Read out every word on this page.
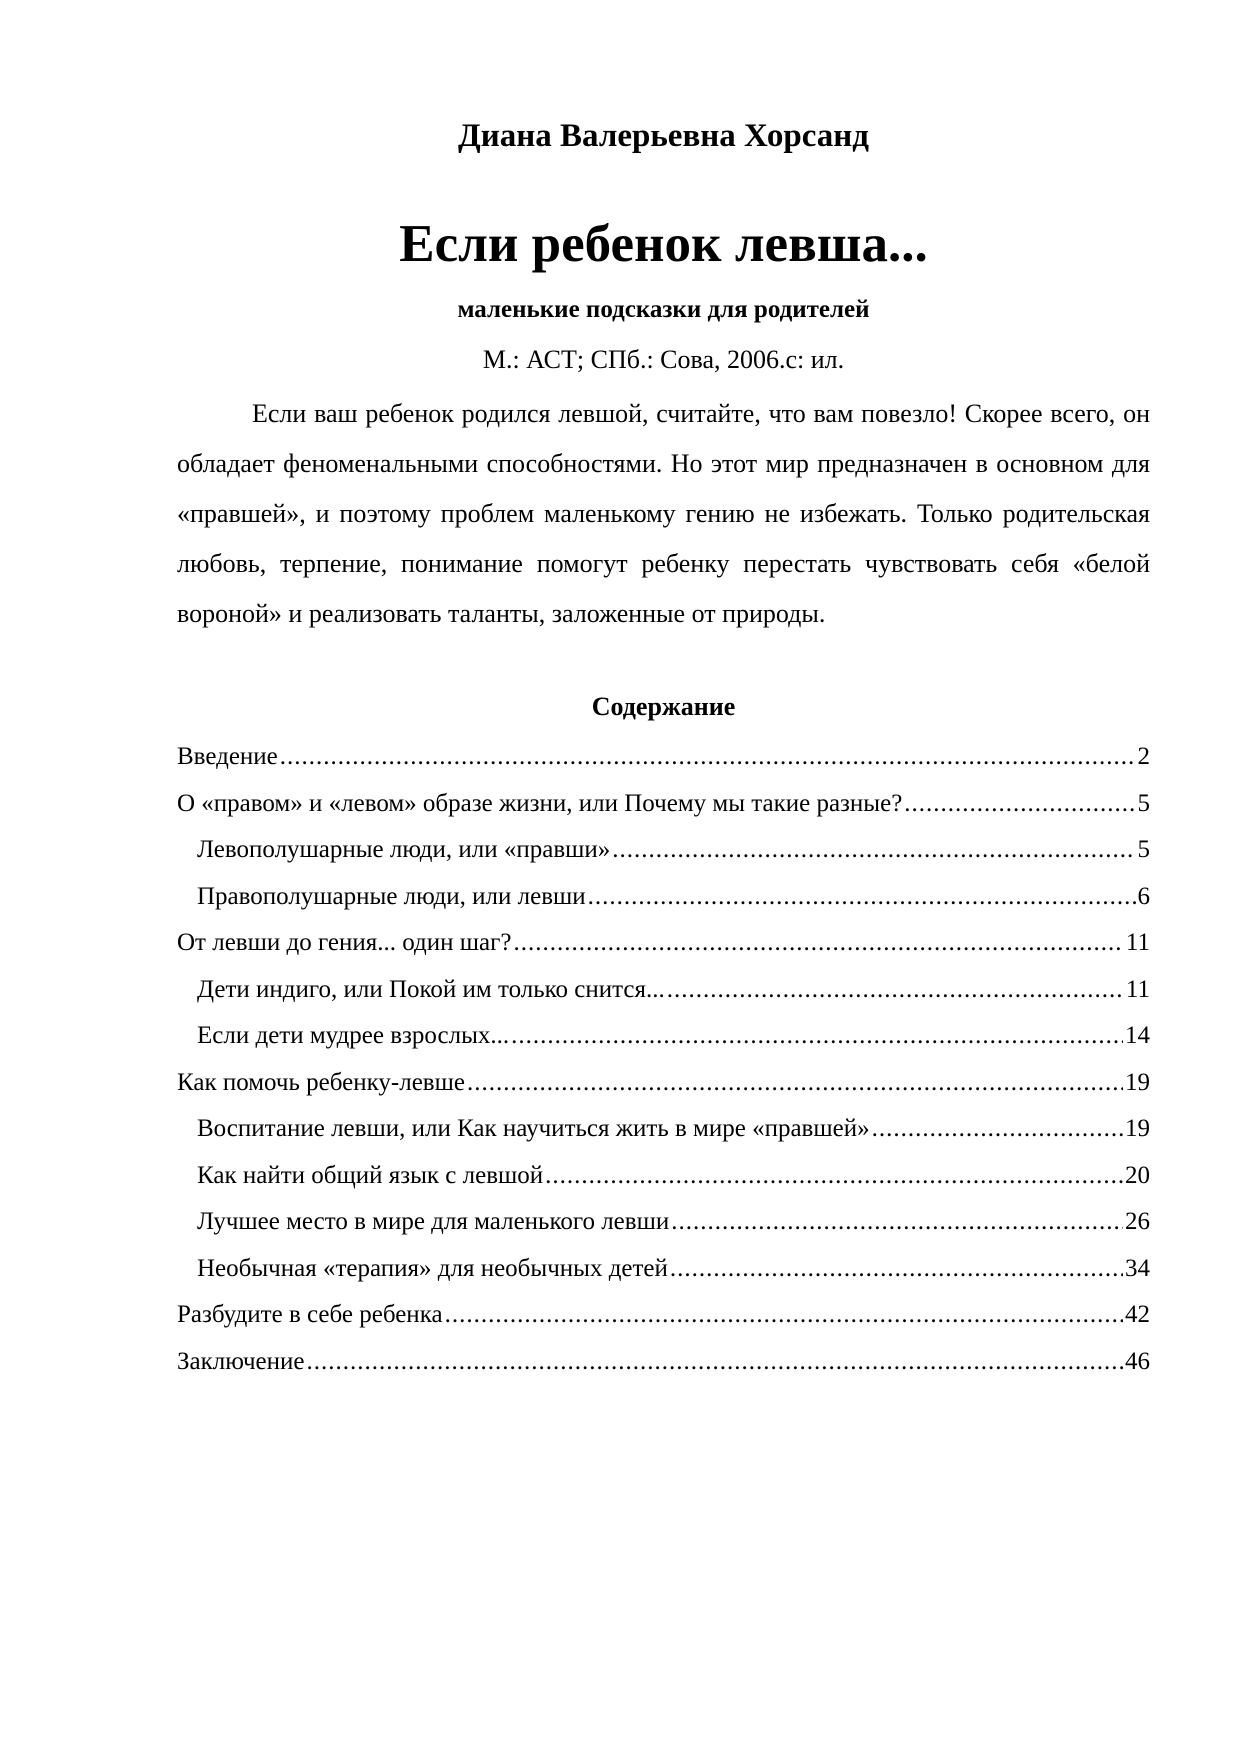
Диана Валерьевна Хорсанд
Если ребенок левша...
маленькие подсказки для родителей
М.: АСТ; СПб.: Сова, 2006.с: ил.

Если ваш ребенок родился левшой, считайте, что вам повезло! Скорее всего, он обладает феноменальными способностями. Но этот мир предназначен в основном для «правшей», и поэтому проблем маленькому гению не избежать. Только родительская любовь, терпение, понимание помогут ребенку перестать чувствовать себя «белой вороной» и реализовать таланты, заложенные от природы.

Содержание
Введение .....	2
О «правом» и «левом» образе жизни, или Почему мы такие разные? .....	5
Левополушарные люди, или «правши» .....	5
Правополушарные люди, или левши .....	6
От левши до гения... один шаг? .....	11
Дети индиго, или Покой им только снится... .....	11
Если дети мудрее взрослых... .....	14
Как помочь ребенку-левше .....	19
Воспитание левши, или Как научиться жить в мире «правшей» .....	19
Как найти общий язык с левшой .....	20
Лучшее место в мире для маленького левши .....	26
Необычная «терапия» для необычных детей .....	34
Разбудите в себе ребенка .....	42
Заключение .....	46
